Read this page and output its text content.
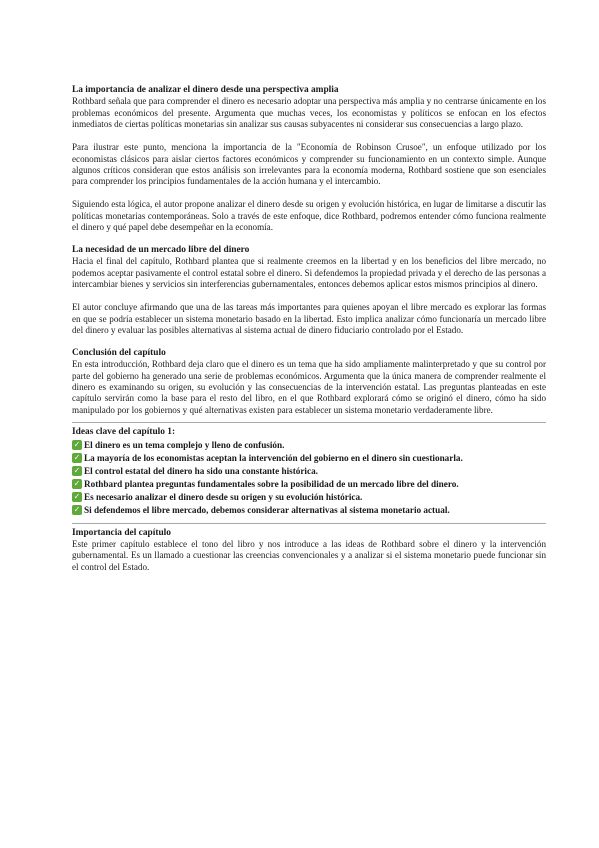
La importancia de analizar el dinero desde una perspectiva amplia

Rothbard señala que para comprender el dinero es necesario adoptar una perspectiva más amplia y no centrarse únicamente en los problemas económicos del presente. Argumenta que muchas veces, los economistas y políticos se enfocan en los efectos inmediatos de ciertas políticas monetarias sin analizar sus causas subyacentes ni considerar sus consecuencias a largo plazo.

Para ilustrar este punto, menciona la importancia de la "Economía de Robinson Crusoe", un enfoque utilizado por los economistas clásicos para aislar ciertos factores económicos y comprender su funcionamiento en un contexto simple. Aunque algunos críticos consideran que estos análisis son irrelevantes para la economía moderna, Rothbard sostiene que son esenciales para comprender los principios fundamentales de la acción humana y el intercambio.

Siguiendo esta lógica, el autor propone analizar el dinero desde su origen y evolución histórica, en lugar de limitarse a discutir las políticas monetarias contemporáneas. Solo a través de este enfoque, dice Rothbard, podremos entender cómo funciona realmente el dinero y qué papel debe desempeñar en la economía.

La necesidad de un mercado libre del dinero

Hacia el final del capítulo, Rothbard plantea que si realmente creemos en la libertad y en los beneficios del libre mercado, no podemos aceptar pasivamente el control estatal sobre el dinero. Si defendemos la propiedad privada y el derecho de las personas a intercambiar bienes y servicios sin interferencias gubernamentales, entonces debemos aplicar estos mismos principios al dinero.

El autor concluye afirmando que una de las tareas más importantes para quienes apoyan el libre mercado es explorar las formas en que se podría establecer un sistema monetario basado en la libertad. Esto implica analizar cómo funcionaría un mercado libre del dinero y evaluar las posibles alternativas al sistema actual de dinero fiduciario controlado por el Estado.

Conclusión del capítulo

En esta introducción, Rothbard deja claro que el dinero es un tema que ha sido ampliamente malinterpretado y que su control por parte del gobierno ha generado una serie de problemas económicos. Argumenta que la única manera de comprender realmente el dinero es examinando su origen, su evolución y las consecuencias de la intervención estatal. Las preguntas planteadas en este capítulo servirán como la base para el resto del libro, en el que Rothbard explorará cómo se originó el dinero, cómo ha sido manipulado por los gobiernos y qué alternativas existen para establecer un sistema monetario verdaderamente libre.

Ideas clave del capítulo 1:

✓ El dinero es un tema complejo y lleno de confusión.
✓ La mayoría de los economistas aceptan la intervención del gobierno en el dinero sin cuestionarla.
✓ El control estatal del dinero ha sido una constante histórica.
✓ Rothbard plantea preguntas fundamentales sobre la posibilidad de un mercado libre del dinero.
✓ Es necesario analizar el dinero desde su origen y su evolución histórica.
✓ Si defendemos el libre mercado, debemos considerar alternativas al sistema monetario actual.

Importancia del capítulo

Este primer capítulo establece el tono del libro y nos introduce a las ideas de Rothbard sobre el dinero y la intervención gubernamental. Es un llamado a cuestionar las creencias convencionales y a analizar si el sistema monetario puede funcionar sin el control del Estado.
